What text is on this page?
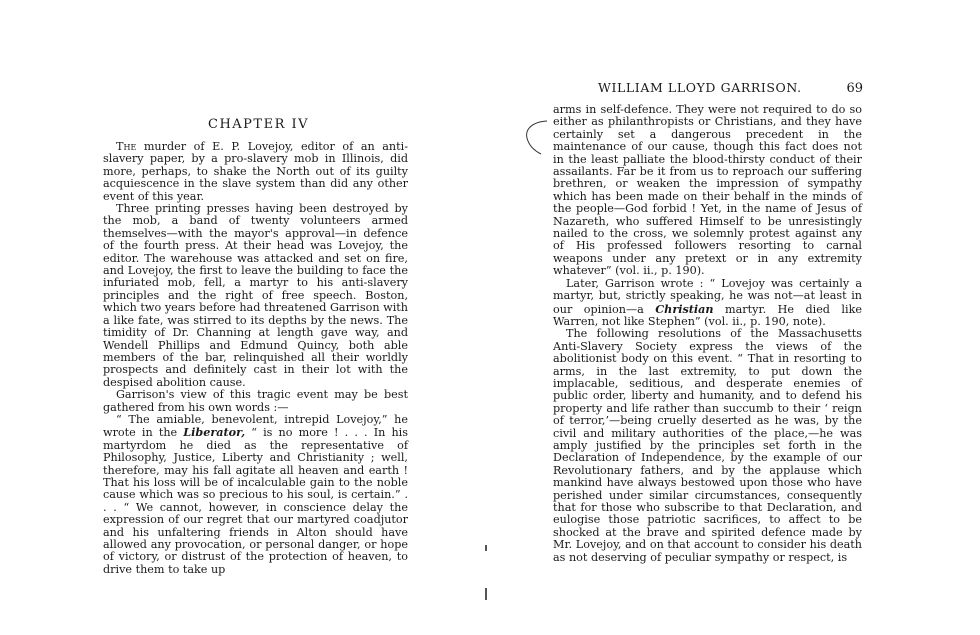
CHAPTER IV

The murder of E. P. Lovejoy, editor of an anti-slavery paper, by a pro-slavery mob in Illinois, did more, perhaps, to shake the North out of its guilty acquiescence in the slave system than did any other event of this year.

Three printing presses having been destroyed by the mob, a band of twenty volunteers armed themselves—with the mayor's approval—in defence of the fourth press. At their head was Lovejoy, the editor. The warehouse was attacked and set on fire, and Lovejoy, the first to leave the building to face the infuriated mob, fell, a martyr to his anti-slavery principles and the right of free speech. Boston, which two years before had threatened Garrison with a like fate, was stirred to its depths by the news. The timidity of Dr. Channing at length gave way, and Wendell Phillips and Edmund Quincy, both able members of the bar, relinquished all their worldly prospects and definitely cast in their lot with the despised abolition cause.

Garrison's view of this tragic event may be best gathered from his own words :—

“ The amiable, benevolent, intrepid Lovejoy,” he wrote in the Liberator, “ is no more ! . . . In his martyrdom he died as the representative of Philosophy, Justice, Liberty and Christianity ; well, therefore, may his fall agitate all heaven and earth ! That his loss will be of incalculable gain to the noble cause which was so precious to his soul, is certain.” . . . “ We cannot, however, in conscience delay the expression of our regret that our martyred coadjutor and his unfaltering friends in Alton should have allowed any provocation, or personal danger, or hope of victory, or distrust of the protection of heaven, to drive them to take up

WILLIAM LLOYD GARRISON.	69

arms in self-defence. They were not required to do so either as philanthropists or Christians, and they have certainly set a dangerous precedent in the maintenance of our cause, though this fact does not in the least palliate the blood-thirsty conduct of their assailants. Far be it from us to reproach our suffering brethren, or weaken the impression of sympathy which has been made on their behalf in the minds of the people—God forbid ! Yet, in the name of Jesus of Nazareth, who suffered Himself to be unresistingly nailed to the cross, we solemnly protest against any of His professed followers resorting to carnal weapons under any pretext or in any extremity whatever” (vol. ii., p. 190).

Later, Garrison wrote : “ Lovejoy was certainly a martyr, but, strictly speaking, he was not—at least in our opinion—a Christian martyr. He died like Warren, not like Stephen” (vol. ii., p. 190, note).

The following resolutions of the Massachusetts Anti-Slavery Society express the views of the abolitionist body on this event. “ That in resorting to arms, in the last extremity, to put down the implacable, seditious, and desperate enemies of public order, liberty and humanity, and to defend his property and life rather than succumb to their ‘ reign of terror,’—being cruelly deserted as he was, by the civil and military authorities of the place,—he was amply justified by the principles set forth in the Declaration of Independence, by the example of our Revolutionary fathers, and by the applause which mankind have always bestowed upon those who have perished under similar circumstances, consequently that for those who subscribe to that Declaration, and eulogise those patriotic sacrifices, to affect to be shocked at the brave and spirited defence made by Mr. Lovejoy, and on that account to consider his death as not deserving of peculiar sympathy or respect, is
